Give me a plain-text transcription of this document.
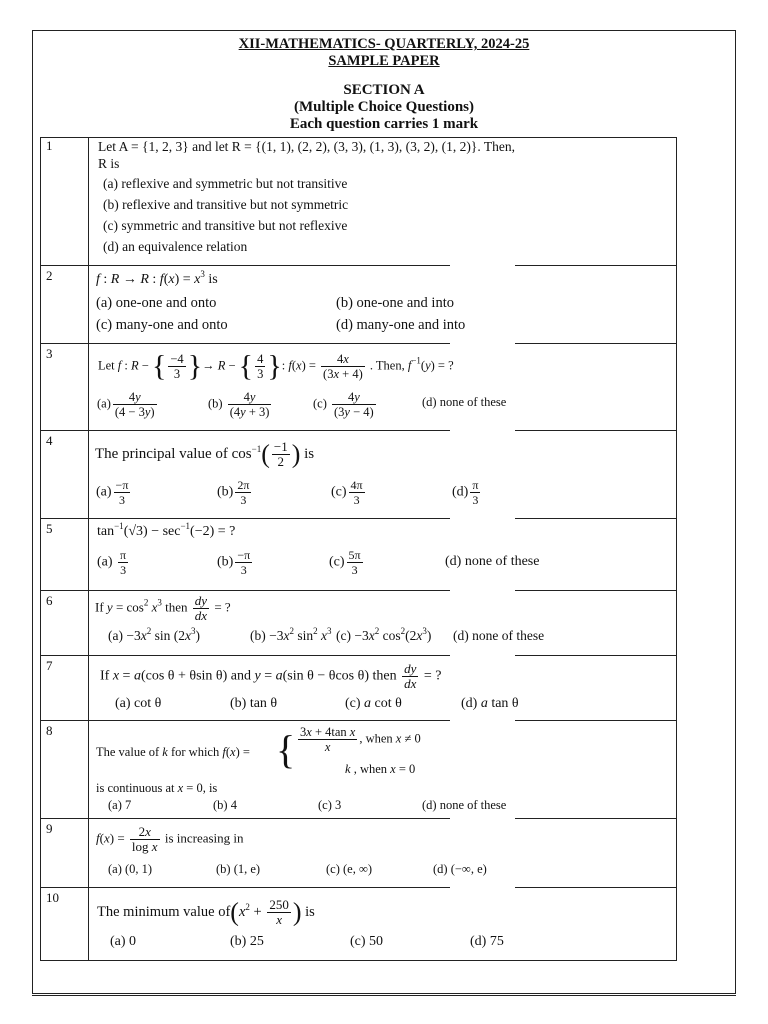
XII-MATHEMATICS- QUARTERLY, 2024-25
SAMPLE PAPER
SECTION A
(Multiple Choice Questions)
Each question carries 1 mark
1	Let A = {1, 2, 3} and let R = {(1, 1), (2, 2), (3, 3), (1, 3), (3, 2), (1, 2)}. Then,
R is
(a) reflexive and symmetric but not transitive
(b) reflexive and transitive but not symmetric
(c) symmetric and transitive but not reflexive
(d) an equivalence relation
2	f : R → R : $f(x) = x^3$ is
(a) one-one and onto	(b) one-one and into
(c) many-one and onto	(d) many-one and into
3
Let f : R − { $\frac{-4}{3}$ }→ R − { $\frac{4}{3}$ }: $f(x) = \frac{4x}{(3x + 4)}$ . Then, $f^{-1}(y)$ = ?
$(a) \frac{4y}{(4 - 3y)}$	$(b) \frac{4y}{(4y + 3)}$	$(c) \frac{4y}{(3y - 4)}$	(d) none of these
4
The principal value of $\cos^{-1}( \frac{-1}{2}$ ) is
$(a) \frac{-\pi}{3}$	$(b) \frac{2\pi}{3}$	$(c) \frac{4\pi}{3}$	$(d) \frac{\pi}{3}$
5	$\tan^{-1}(√3) - \sec^{-1}(-2)$ = ?
$(a) \frac{\pi}{3}$	$(b) \frac{-\pi}{3}$	$(c) \frac{5\pi}{3}$	(d) none of these
6	If $y = \cos^2 x^3$ then $\frac{dy}{dx}$ = ?
$(a) -3x^2$ $\sin (2x^3)$	$(b) -3x^2$ $\sin^2 x^3$ $(c) -3x^2$ $\cos^2(2x^3)$ (d) none of these
7
If x = a(cos θ + θsin θ) and y = a(sin θ − θcos θ) then $\frac{dy}{dx}$ = ?
(a) cot θ	(b) tan θ	(c) a cot θ	(d) a tan θ
8
The value of k for which f(x) = { $\frac{\text{3x + 4tan x}}{x}$ , when x ≠ 0
k , when x = 0
is continuous at x = 0, is
(a) 7	(b) 4	(c) 3	(d) none of these
9
$f(x) = \frac{2x}{\text{log x}}$ is increasing in
(a) (0, 1)	(b) (1, e)	(c) (e, ∞)	(d) (−∞, e)
10
The minimum value $of(x^2 + \frac{250}{x}$ ) is
(a) 0	(b) 25	(c) 50	(d) 75
